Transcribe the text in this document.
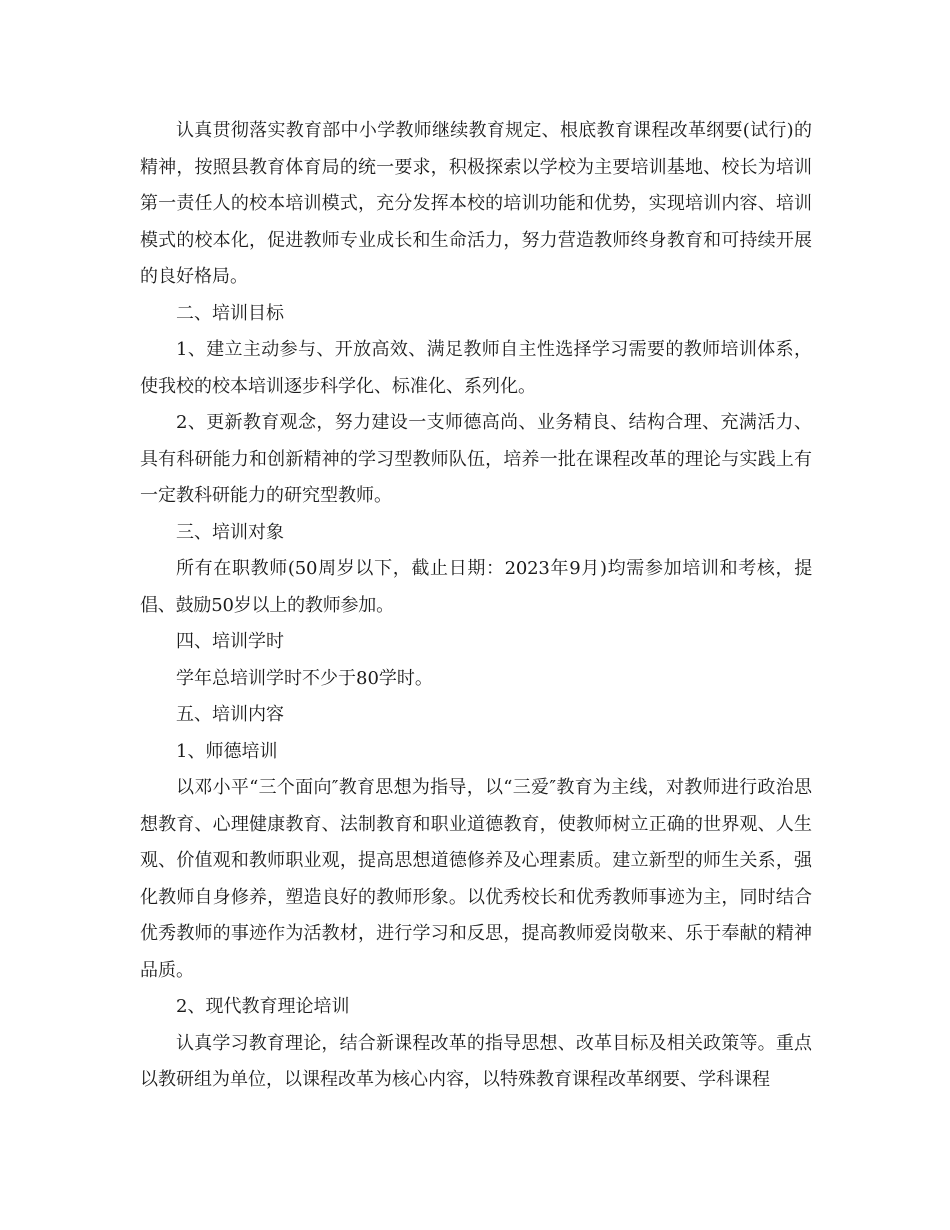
认真贯彻落实教育部中小学教师继续教育规定、根底教育课程改革纲要(试行)的精神，按照县教育体育局的统一要求，积极探索以学校为主要培训基地、校长为培训第一责任人的校本培训模式，充分发挥本校的培训功能和优势，实现培训内容、培训模式的校本化，促进教师专业成长和生命活力，努力营造教师终身教育和可持续开展的良好格局。

二、培训目标

1、建立主动参与、开放高效、满足教师自主性选择学习需要的教师培训体系，使我校的校本培训逐步科学化、标准化、系列化。

2、更新教育观念，努力建设一支师德高尚、业务精良、结构合理、充满活力、具有科研能力和创新精神的学习型教师队伍，培养一批在课程改革的理论与实践上有一定教科研能力的研究型教师。

三、培训对象

所有在职教师(50周岁以下，截止日期：2023年9月)均需参加培训和考核，提倡、鼓励50岁以上的教师参加。

四、培训学时

学年总培训学时不少于80学时。

五、培训内容

1、师德培训

以邓小平“三个面向″教育思想为指导，以“三爱″教育为主线，对教师进行政治思想教育、心理健康教育、法制教育和职业道德教育，使教师树立正确的世界观、人生观、价值观和教师职业观，提高思想道德修养及心理素质。建立新型的师生关系，强化教师自身修养，塑造良好的教师形象。以优秀校长和优秀教师事迹为主，同时结合优秀教师的事迹作为活教材，进行学习和反思，提高教师爱岗敬来、乐于奉献的精神品质。

2、现代教育理论培训

认真学习教育理论，结合新课程改革的指导思想、改革目标及相关政策等。重点以教研组为单位，以课程改革为核心内容，以特殊教育课程改革纲要、学科课程
